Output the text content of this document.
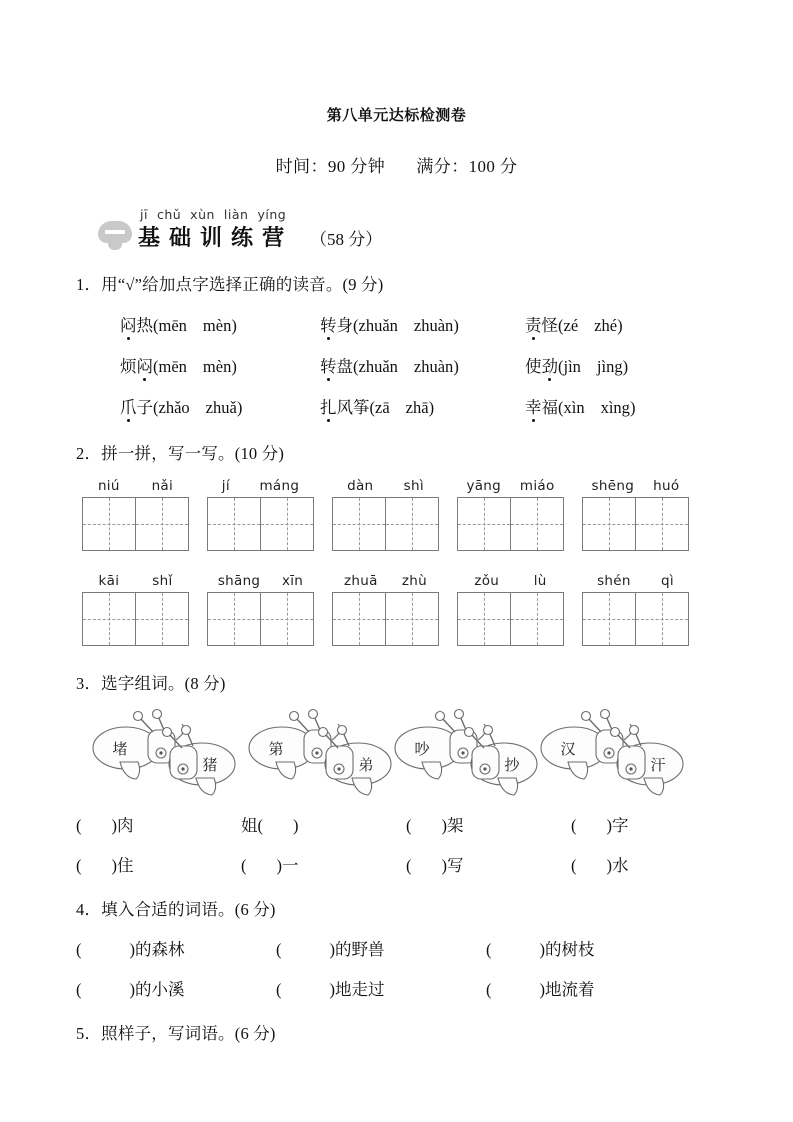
第八单元达标检测卷
时间：90 分钟 满分：100 分
jī chǔ xùn liàn yíng
基 础 训 练 营	（58 分）
1．用“√”给加点字选择正确的读音。(9 分)
闷热(mēn mèn)	转身(zhuǎn zhuàn)	责怪(zé zhé)
烦闷(mēn mèn)	转盘(zhuǎn zhuàn)	使劲(jìn jìng)
爪子(zhǎo zhuǎ)	扎风筝(zā zhā)	幸福(xìn xìng)
2．拼一拼，写一写。(10 分)
niú nǎi	jí máng	dàn shì	yāng miáo	shēng huó
kāi shǐ	shāng xīn	zhuā zhù	zǒu	lù	shén qì
3．选字组词。(8 分)
堵
猪
第
弟
吵
抄
汉
汗
( )肉	姐( )	( )架	( )字
( )住	( )一	( )写	( )水
4．填入合适的词语。(6 分)
(	)的森林	(	)的野兽	(	)的树枝
(	)的小溪	(	)地走过	(	)地流着
5．照样子，写词语。(6 分)
